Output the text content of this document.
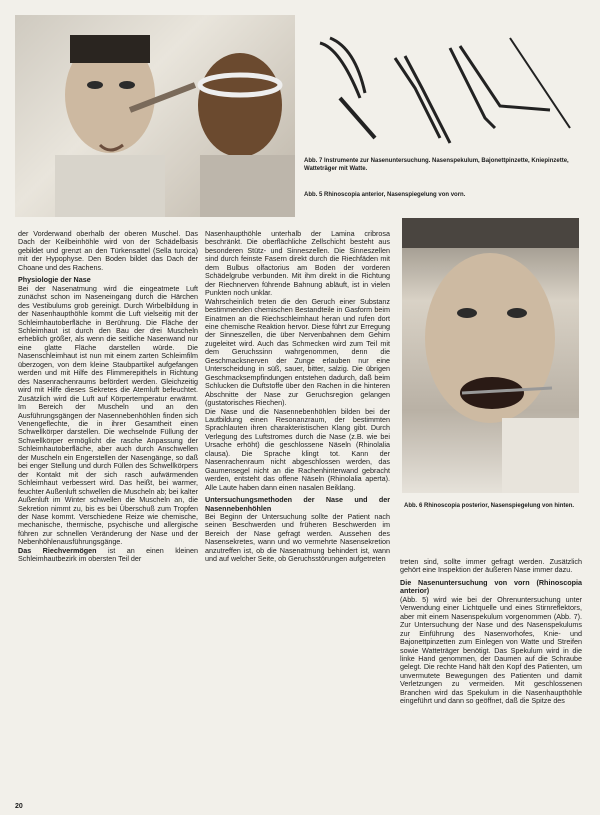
Abb. 7 Instrumente zur Nasenuntersuchung. Nasenspekulum, Bajonettpinzette, Kniepinzette, Watteträger mit Watte.
Abb. 5 Rhinoscopia anterior, Nasenspiegelung von vorn.
Abb. 6 Rhinoscopia posterior, Nasenspiegelung von hinten.

der Vorderwand oberhalb der oberen Muschel. Das Dach der Keilbeinhöhle wird von der Schädelbasis gebildet und grenzt an den Türkensattel (Sella turcica) mit der Hypophyse. Den Boden bildet das Dach der Choane und des Rachens.

Physiologie der Nase

Bei der Nasenatmung wird die eingeatmete Luft zunächst schon im Naseneingang durch die Härchen des Vestibulums grob gereinigt. Durch Wirbelbildung in der Nasenhaupthöhle kommt die Luft vielseitig mit der Schleimhautoberfläche in Berührung. Die Fläche der Schleimhaut ist durch den Bau der drei Muscheln erheblich größer, als wenn die seitliche Nasenwand nur eine glatte Fläche darstellen würde. Die Nasenschleimhaut ist nun mit einem zarten Schleimfilm überzogen, von dem kleine Staubpartikel aufgefangen werden und mit Hilfe des Flimmerepithels in Richtung des Nasenrachenraums befördert werden. Gleichzeitig wird mit Hilfe dieses Sekretes die Atemluft befeuchtet. Zusätzlich wird die Luft auf Körpertemperatur erwärmt. Im Bereich der Muscheln und an den Ausführungsgängen der Nasennebenhöhlen finden sich Venengeflechte, die in ihrer Gesamtheit einen Schwellkörper darstellen. Die wechselnde Füllung der Schwellkörper ermöglicht die rasche Anpassung der Schleimhautoberfläche, aber auch durch Anschwellen der Muscheln ein Engerstellen der Nasengänge, so daß bei enger Stellung und durch Füllen des Schwellkörpers der Kontakt mit der sich rasch aufwärmenden Schleimhaut verbessert wird. Das heißt, bei warmer, feuchter Außenluft schwellen die Muscheln ab; bei kalter Außenluft im Winter schwellen die Muscheln an, die Sekretion nimmt zu, bis es bei Überschuß zum Tropfen der Nase kommt. Verschiedene Reize wie chemische, mechanische, thermische, psychische und allergische führen zur schnellen Veränderung der Nase und der Nebenhöhlenausführungsgänge.

Das Riechvermögen ist an einen kleinen Schleimhautbezirk im obersten Teil der

Nasenhaupthöhle unterhalb der Lamina cribrosa beschränkt. Die oberflächliche Zellschicht besteht aus besonderen Stütz- und Sinneszellen. Die Sinneszellen sind durch feinste Fasern direkt durch die Riechfäden mit dem Bulbus olfactorius am Boden der vorderen Schädelgrube verbunden. Mit ihm direkt in die Richtung der Riechnerven führende Bahnung abläuft, ist in vielen Punkten noch unklar.

Wahrscheinlich treten die den Geruch einer Substanz bestimmenden chemischen Bestandteile in Gasform beim Einatmen an die Riechschleimhaut heran und rufen dort eine chemische Reaktion hervor. Diese führt zur Erregung der Sinneszellen, die über Nervenbahnen dem Gehirn zugeleitet wird. Auch das Schmecken wird zum Teil mit dem Geruchssinn wahrgenommen, denn die Geschmacksnerven der Zunge erlauben nur eine Unterscheidung in süß, sauer, bitter, salzig. Die übrigen Geschmacksempfindungen entstehen dadurch, daß beim Schlucken die Duftstoffe über den Rachen in die hinteren Abschnitte der Nase zur Geruchsregion gelangen (gustatorisches Riechen).

Die Nase und die Nasennebenhöhlen bilden bei der Lautbildung einen Resonanzraum, der bestimmten Sprachlauten ihren charakteristischen Klang gibt. Durch Verlegung des Luftstromes durch die Nase (z.B. wie bei Ursache erhöht) die geschlossene Näseln (Rhinolalia clausa). Die Sprache klingt tot. Kann der Nasenrachenraum nicht abgeschlossen werden, das Gaumensegel nicht an die Rachenhinterwand gebracht werden, entsteht das offene Näseln (Rhinolalia aperta). Alle Laute haben dann einen nasalen Beiklang.

Untersuchungsmethoden der Nase und der Nasennebenhöhlen

Bei Beginn der Untersuchung sollte der Patient nach seinen Beschwerden und früheren Beschwerden im Bereich der Nase gefragt werden. Aussehen des Nasensekretes, wann und wo vermehrte Nasensekretion anzutreffen ist, ob die Nasenatmung behindert ist, wann und auf welcher Seite, ob Geruchsstörungen aufgetreten	treten sind, sollte immer gefragt werden. Zusätzlich gehört eine Inspektion der äußeren Nase immer dazu.

Die Nasenuntersuchung von vorn (Rhinoscopia anterior)

(Abb. 5) wird wie bei der Ohrenuntersuchung unter Verwendung einer Lichtquelle und eines Stirnreflektors, aber mit einem Nasenspekulum vorgenommen (Abb. 7). Zur Untersuchung der Nase und des Nasenspekulums zur Einführung des Nasenvorhofes, Knie- und Bajonettpinzetten zum Einlegen von Watte und Streifen sowie Watteträger benötigt. Das Spekulum wird in die linke Hand genommen, der Daumen auf die Schraube gelegt. Die rechte Hand hält den Kopf des Patienten, um unvermutete Bewegungen des Patienten und damit Verletzungen zu vermeiden. Mit geschlossenen Branchen wird das Spekulum in die Nasenhaupthöhle eingeführt und dann so geöffnet, daß die Spitze des

20
